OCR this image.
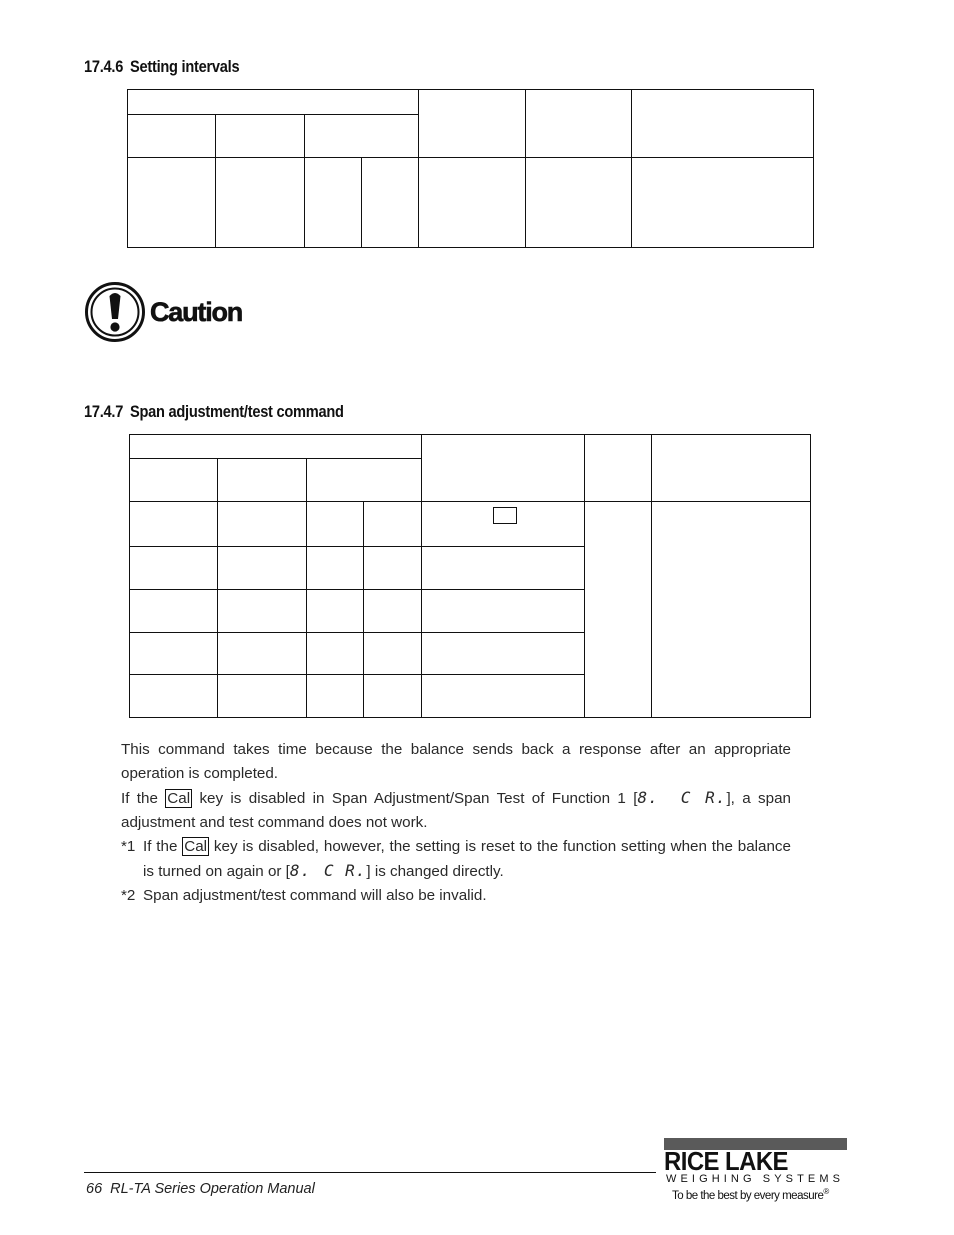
17.4.6 Setting intervals

Caution
17.4.7 Span adjustment/test command

This command takes time because the balance sends back a response after an appropriate operation is completed.

If the Cal key is disabled in Span Adjustment/Span Test of Function 1 [8. C R.], a span adjustment and test command does not work.

*1 If the Cal key is disabled, however, the setting is reset to the function setting when the balance is turned on again or [8. C R.] is changed directly.
*2 Span adjustment/test command will also be invalid.
66 RL-TA Series Operation Manual
RICE LAKE
WEIGHING SYSTEMS
To be the best by every measure®
